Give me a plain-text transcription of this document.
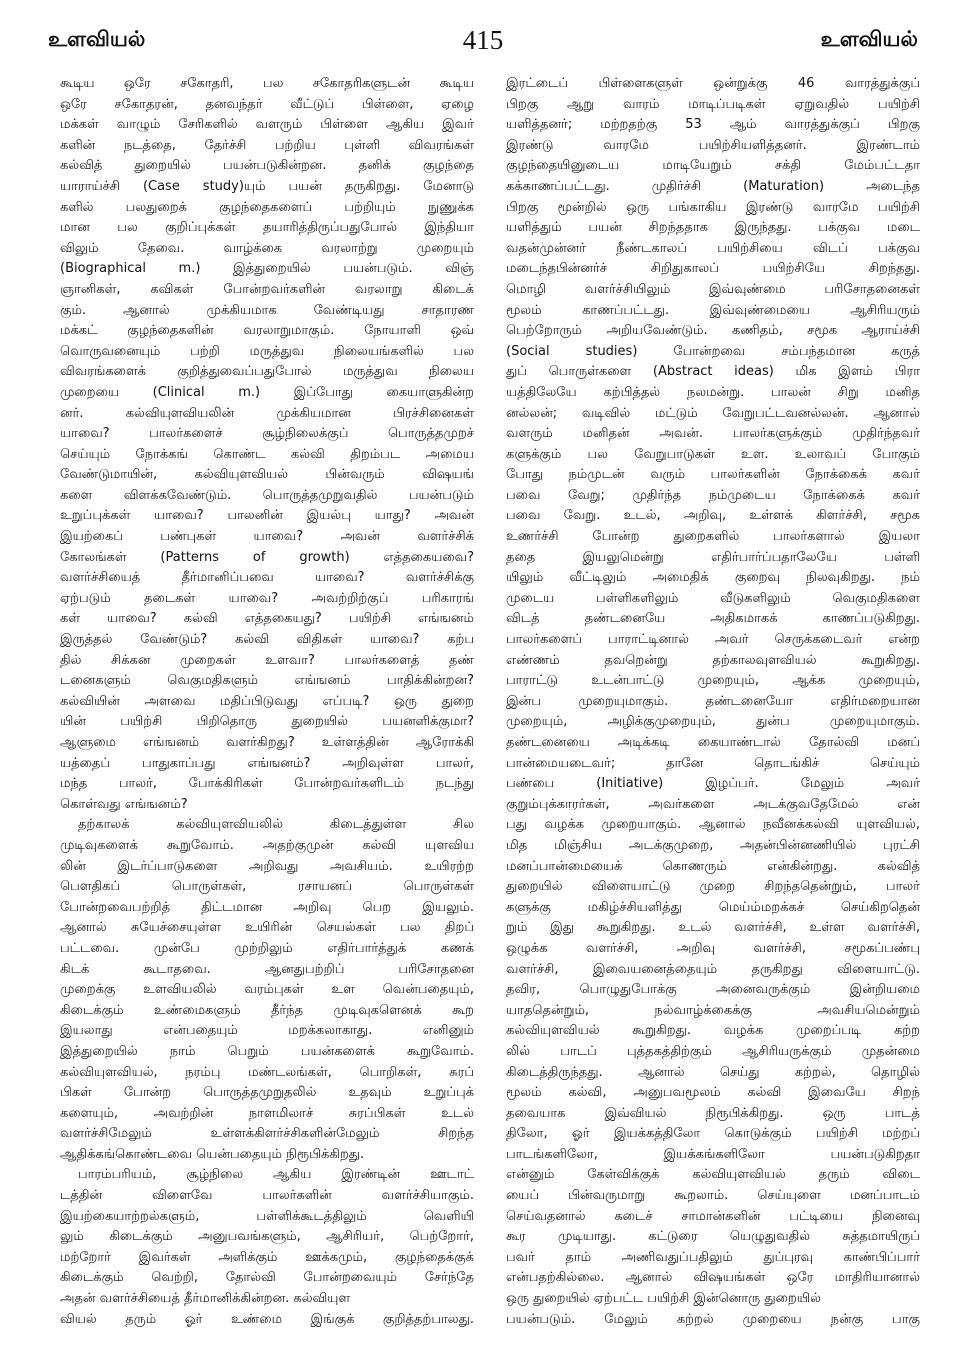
உளவியல்	415	உளவியல்
கூடிய ஒரே சகோதரி, பல சகோதரிகளுடன் கூடிய
ஒரே சகோதரன், தனவந்தர் வீட்டுப் பிள்ளை, ஏழை
மக்கள் வாழும் சேரிகளில் வளரும் பிள்ளை ஆகிய இவர்
களின் நடத்தை, தேர்ச்சி பற்றிய புள்ளி விவரங்கள்
கல்வித் துறையில் பயன்படுகின்றன. தனிக் குழந்தை
யாராய்ச்சி (Case study)யும் பயன் தருகிறது. மேனாடு
களில் பலதுறைக் குழந்தைகளைப் பற்றியும் நுணுக்க
மான பல குறிப்புக்கள் தயாரித்திருப்பதுபோல் இந்தியா
விலும் தேவை. வாழ்க்கை வரலாற்று முறையும்
(Biographical m.) இத்துறையில் பயன்படும். விஞ்
ஞானிகள், கவிகள் போன்றவர்களின் வரலாறு கிடைக்
கும். ஆனால் முக்கியமாக வேண்டியது சாதாரண
மக்கட் குழந்தைகளின் வரலாறுமாகும். நோயாளி ஒவ்
வொருவனையும் பற்றி மருத்துவ நிலையங்களில் பல
விவரங்களைக் குறித்துவைப்பதுபோல் மருத்துவ நிலைய
முறையை (Clinical m.) இப்போது கையாளுகின்ற
னர். கல்வியுளவியலின் முக்கியமான பிரச்சினைகள்
யாவை? பாலர்களைச் சூழ்நிலைக்குப் பொருத்தமுறச்
செய்யும் நோக்கங் கொண்ட கல்வி திறம்பட அமைய
வேண்டுமாயின், கல்வியுளவியல் பின்வரும் விஷயங்
களை விளக்கவேண்டும். பொருத்தமுறுவதில் பயன்படும்
உறுப்புக்கள் யாவை? பாலனின் இயல்பு யாது? அவன்
இயற்கைப் பண்புகள் யாவை? அவன் வளர்ச்சிக்
கோலங்கள் (Patterns of growth) எத்தகையவை?
வளர்ச்சியைத் தீர்மானிப்பவை யாவை? வளர்ச்சிக்கு
ஏற்படும் தடைகள் யாவை? அவற்றிற்குப் பரிகாரங்
கள் யாவை? கல்வி எத்தகையது? பயிற்சி எங்ஙனம்
இருத்தல் வேண்டும்? கல்வி விதிகள் யாவை? கற்ப
தில் சிக்கன முறைகள் உளவா? பாலர்களைத் தண்
டனைகளும் வெகுமதிகளும் எங்ஙனம் பாதிக்கின்றன?
கல்வியின் அளவை மதிப்பிடுவது எப்படி? ஒரு துறை
யின் பயிற்சி பிறிதொரு துறையில் பயனளிக்குமா?
ஆளுமை எங்ஙனம் வளர்கிறது? உள்ளத்தின் ஆரோக்கி
யத்தைப் பாதுகாப்பது எங்ஙனம்? அறிவுள்ள பாலர்,
மந்த பாலர், போக்கிரிகள் போன்றவர்களிடம் நடந்து
கொள்வது எங்ஙனம்?
தற்காலக் கல்வியுளவியலில் கிடைத்துள்ள சில
முடிவுகளைக் கூறுவோம். அதற்குமுன் கல்வி யுளவிய
லின் இடர்ப்பாடுகளை அறிவது அவசியம். உயிரற்ற
பௌதிகப் பொருள்கள், ரசாயனப் பொருள்கள்
போன்றவைபற்றித் திட்டமான அறிவு பெற இயலும்.
ஆனால் சுயேச்சையுள்ள உயிரின் செயல்கள் பல திறப்
பட்டவை. முன்பே முற்றிலும் எதிர்பார்த்துக் கணக்
கிடக் கூடாதவை. ஆனதுபற்றிப் பரிசோதனை
முறைக்கு உளவியலில் வரம்புகள் உள வென்பதையும்,
கிடைக்கும் உண்மைகளும் தீர்ந்த முடிவுகளெனக் கூற
இயலாது என்பதையும் மறக்கலாகாது. எனினும்
இத்துறையில் நாம் பெறும் பயன்களைக் கூறுவோம்.
கல்வியுளவியல், நரம்பு மண்டலங்கள், பொறிகள், சுரப்
பிகள் போன்ற பொருத்தமுறுதலில் உதவும் உறுப்புக்
களையும், அவற்றின் நாளமிலாச் சுரப்பிகள் உடல்
வளர்ச்சிமேலும் உள்ளக்கிளர்ச்சிகளின்மேலும் சிறந்த
ஆதிக்கங்கொண்டவை யென்பதையும் நிரூபிக்கிறது.
பாரம்பரியம், சூழ்நிலை ஆகிய இரண்டின் ஊடாட்
டத்தின் விளைவே பாலர்களின் வளர்ச்சியாகும்.
இயற்கையாற்றல்களும், பள்ளிக்கூடத்திலும் வெளியி
லும் கிடைக்கும் அனுபவங்களும், ஆசிரியர், பெற்றோர்,
மற்றோர் இவர்கள் அளிக்கும் ஊக்கமும், குழந்தைக்குக்
கிடைக்கும் வெற்றி, தோல்வி போன்றவையும் சேர்ந்தே
அதன் வளர்ச்சியைத் தீர்மானிக்கின்றன. கல்வியுள
வியல் தரும் ஓர் உண்மை இங்குக் குறித்தற்பாலது.
இரட்டைப் பிள்ளைகளுள் ஒன்றுக்கு 46 வாரத்துக்குப்
பிறகு ஆறு வாரம் மாடிப்படிகள் ஏறுவதில் பயிற்சி
யளித்தனர்; மற்றதற்கு 53 ஆம் வாரத்துக்குப் பிறகு
இரண்டு வாரமே பயிற்சியளித்தனர். இரண்டாம்
குழந்தையினுடைய மாடியேறும் சக்தி மேம்பட்டதா
கக்காணப்பட்டது. முதிர்ச்சி (Maturation) அடைந்த
பிறகு மூன்றில் ஒரு பங்காகிய இரண்டு வாரமே பயிற்சி
யளித்தும் பயன் சிறந்ததாக இருந்தது. பக்குவ மடை
வதன்முன்னர் நீண்டகாலப் பயிற்சியை விடப் பக்குவ
மடைந்தபின்னர்ச் சிறிதுகாலப் பயிற்சியே சிறந்தது.
மொழி வளர்ச்சியிலும் இவ்வுண்மை பரிசோதனைகள்
மூலம் காணப்பட்டது. இவ்வுண்மையை ஆசிரியரும்
பெற்றோரும் அறியவேண்டும். கணிதம், சமூக ஆராய்ச்சி
(Social studies) போன்றவை சம்பந்தமான கருத்
துப் பொருள்களை (Abstract ideas) மிக இளம் பிரா
யத்திலேயே கற்பித்தல் நலமன்று. பாலன் சிறு மனித
னல்லன்; வடிவில் மட்டும் வேறுபட்டவனல்லன். ஆனால்
வளரும் மனிதன் அவன். பாலர்களுக்கும் முதிர்ந்தவர்
களுக்கும் பல வேறுபாடுகள் உள. உலாவப் போகும்
போது நம்முடன் வரும் பாலர்களின் நோக்கைக் கவர்
பவை வேறு; முதிர்ந்த நம்முடைய நோக்கைக் கவர்
பவை வேறு. உடல், அறிவு, உள்ளக் கிளர்ச்சி, சமூக
உணர்ச்சி போன்ற துறைகளில் பாலர்களால் இயலா
ததை இயலுமென்று எதிர்பார்ப்பதாலேயே பள்ளி
யிலும் வீட்டிலும் அமைதிக் குறைவு நிலவுகிறது. நம்
முடைய பள்ளிகளிலும் வீடுகளிலும் வெகுமதிகளை
விடத் தண்டனையே அதிகமாகக் காணப்படுகிறது.
பாலர்களைப் பாராட்டினால் அவர் செருக்கடைவர் என்ற
எண்ணம் தவறென்று தற்காலவுளவியல் கூறுகிறது.
பாராட்டு உடன்பாட்டு முறையும், ஆக்க முறையும்,
இன்ப முறையுமாகும். தண்டனையோ எதிர்மறையான
முறையும், அழிக்குமுறையும், துன்ப முறையுமாகும்.
தண்டனையை அடிக்கடி கையாண்டால் தோல்வி மனப்
பான்மையடைவர்; தானே தொடங்கிச் செய்யும்
பண்பை (Initiative) இழப்பர். மேலும் அவர்
குறும்புக்காரர்கள், அவர்களை அடக்குவதேமேல் என்
பது வழக்க முறையாகும். ஆனால் நவீனக்கல்வி யுளவியல்,
மித மிஞ்சிய அடக்குமுறை, அதன்பின்னணியில் புரட்சி
மனப்பான்மையைக் கொணரும் என்கின்றது. கல்வித்
துறையில் விளையாட்டு முறை சிறந்ததென்றும், பாலர்
களுக்கு மகிழ்ச்சியளித்து மெய்ம்மறக்கச் செய்கிறதென்
றும் இது கூறுகிறது. உடல் வளர்ச்சி, உள்ள வளர்ச்சி,
ஒழுக்க வளர்ச்சி, அறிவு வளர்ச்சி, சமூகப்பண்பு
வளர்ச்சி, இவையனைத்தையும் தருகிறது விளையாட்டு.
தவிர, பொழுதுபோக்கு அனைவருக்கும் இன்றியமை
யாததென்றும், நல்வாழ்க்கைக்கு அவசியமென்றும்
கல்வியுளவியல் கூறுகிறது. வழக்க முறைப்படி கற்ற
லில் பாடப் புத்தகத்திற்கும் ஆசிரியருக்கும் முதன்மை
கிடைத்திருந்தது. ஆனால் செய்து கற்றல், தொழில்
மூலம் கல்வி, அனுபவமூலம் கல்வி இவையே சிறந்
தவையாக இவ்வியல் நிரூபிக்கிறது. ஒரு பாடத்
திலோ, ஓர் இயக்கத்திலோ கொடுக்கும் பயிற்சி மற்றப்
பாடங்களிலோ, இயக்கங்களிலோ பயன்படுகிறதா
என்னும் கேள்விக்குக் கல்வியுளவியல் தரும் விடை
யைப் பின்வருமாறு கூறலாம். செய்யுளை மனப்பாடம்
செய்வதனால் கடைச் சாமான்களின் பட்டியை நினைவு
கூர முடியாது. கட்டுரை யெழுதுவதில் சுத்தமாயிருப்
பவர் தாம் அணிவதுப்பதிலும் துப்புரவு காண்பிப்பார்
என்பதற்கில்லை. ஆனால் விஷயங்கள் ஒரே மாதிரியானால்
ஒரு துறையில் ஏற்பட்ட பயிற்சி இன்னொரு துறையில்
பயன்படும். மேலும் கற்றல் முறையை நன்கு பாகு
